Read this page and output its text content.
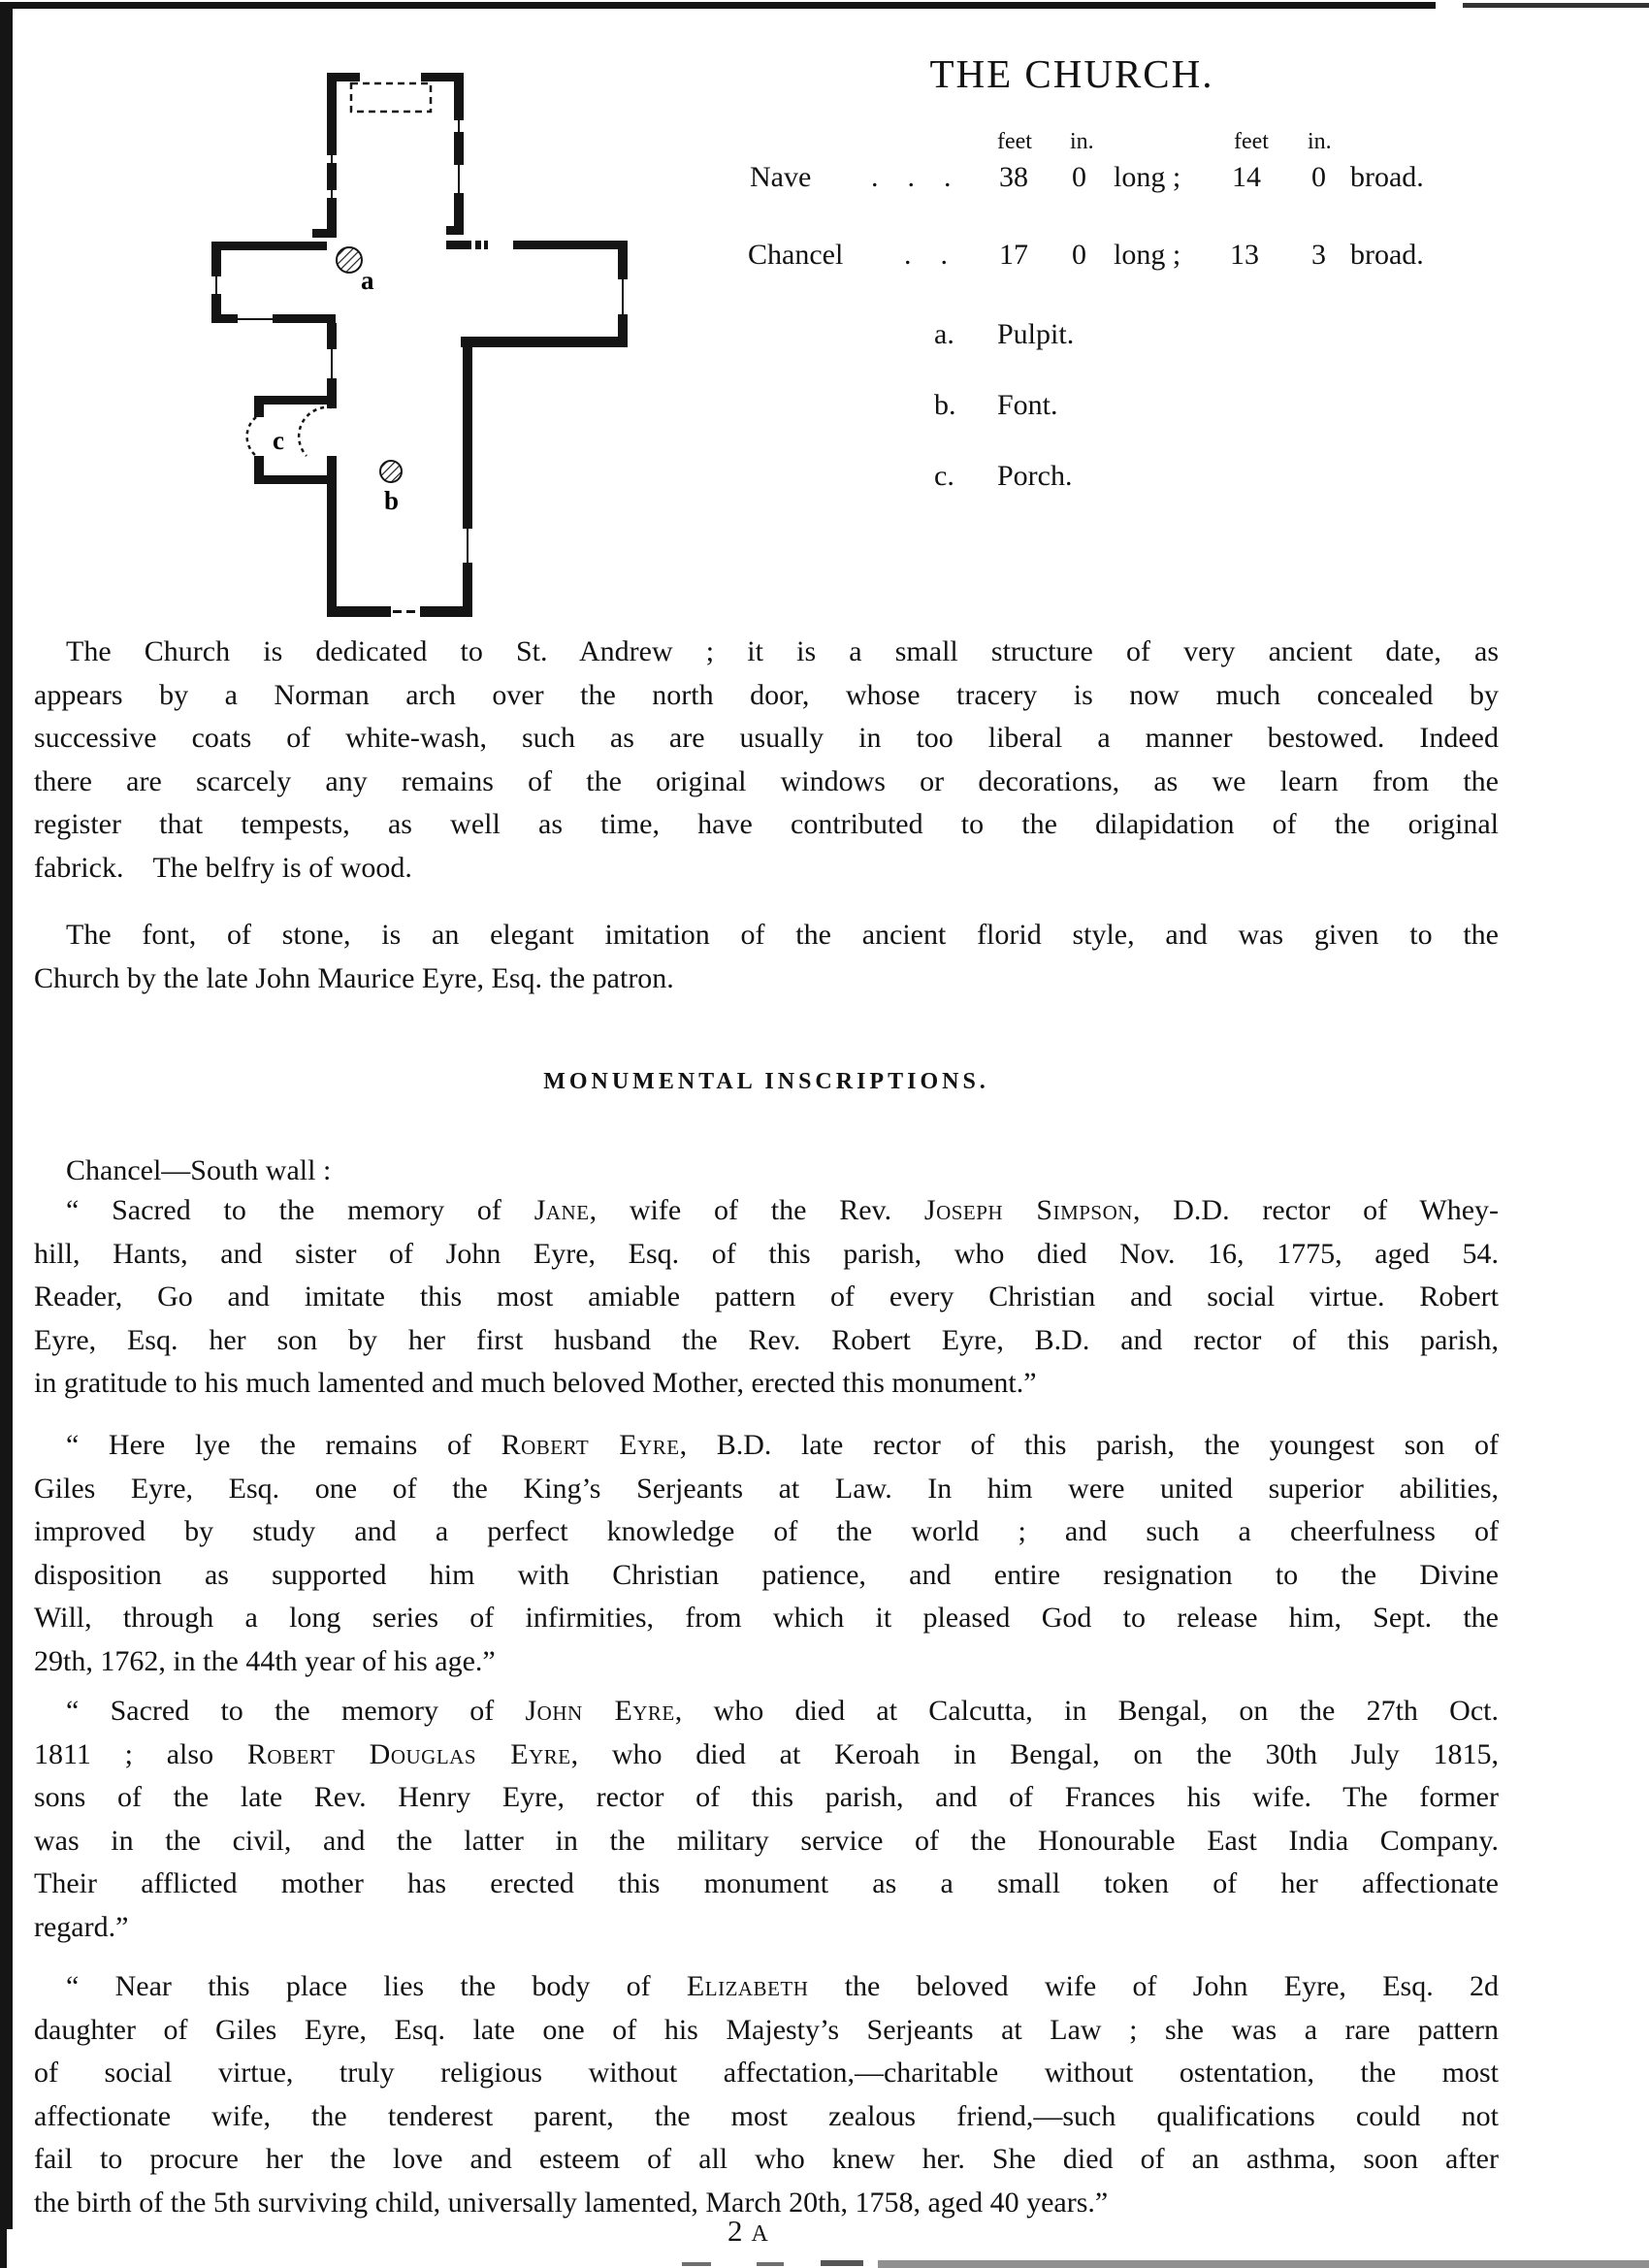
a
b
c
THE CHURCH.
feet in.	feet in.
Nave .  .  . 38 0 long ; 14 0 broad.
Chancel .  . 17 0 long ; 13 3 broad.
a. Pulpit.
b. Font.
c. Porch.
The Church is dedicated to St. Andrew ; it is a small structure of very ancient date, as
appears by a Norman arch over the north door, whose tracery is now much concealed by
successive coats of white-wash, such as are usually in too liberal a manner bestowed. Indeed
there are scarcely any remains of the original windows or decorations, as we learn from the
register that tempests, as well as time, have contributed to the dilapidation of the original
fabrick.  The belfry is of wood.
The font, of stone, is an elegant imitation of the ancient florid style, and was given to the
Church by the late John Maurice Eyre, Esq. the patron.
MONUMENTAL INSCRIPTIONS.
Chancel—South wall :
“ Sacred to the memory of Jane, wife of the Rev. Joseph Simpson, D.D. rector of Whey-
hill, Hants, and sister of John Eyre, Esq. of this parish, who died Nov. 16, 1775, aged 54.
Reader, Go and imitate this most amiable pattern of every Christian and social virtue. Robert
Eyre, Esq. her son by her first husband the Rev. Robert Eyre, B.D. and rector of this parish,
in gratitude to his much lamented and much beloved Mother, erected this monument.”
“ Here lye the remains of Robert Eyre, B.D. late rector of this parish, the youngest son of
Giles Eyre, Esq. one of the King’s Serjeants at Law. In him were united superior abilities,
improved by study and a perfect knowledge of the world ; and such a cheerfulness of
disposition as supported him with Christian patience, and entire resignation to the Divine
Will, through a long series of infirmities, from which it pleased God to release him, Sept. the
29th, 1762, in the 44th year of his age.”
“ Sacred to the memory of John Eyre, who died at Calcutta, in Bengal, on the 27th Oct.
1811 ; also Robert Douglas Eyre, who died at Keroah in Bengal, on the 30th July 1815,
sons of the late Rev. Henry Eyre, rector of this parish, and of Frances his wife. The former
was in the civil, and the latter in the military service of the Honourable East India Company.
Their afflicted mother has erected this monument as a small token of her affectionate
regard.”
“ Near this place lies the body of Elizabeth the beloved wife of John Eyre, Esq. 2d
daughter of Giles Eyre, Esq. late one of his Majesty’s Serjeants at Law ; she was a rare pattern
of social virtue, truly religious without affectation,—charitable without ostentation, the most
affectionate wife, the tenderest parent, the most zealous friend,—such qualifications could not
fail to procure her the love and esteem of all who knew her. She died of an asthma, soon after
the birth of the 5th surviving child, universally lamented, March 20th, 1758, aged 40 years.”
2 A
